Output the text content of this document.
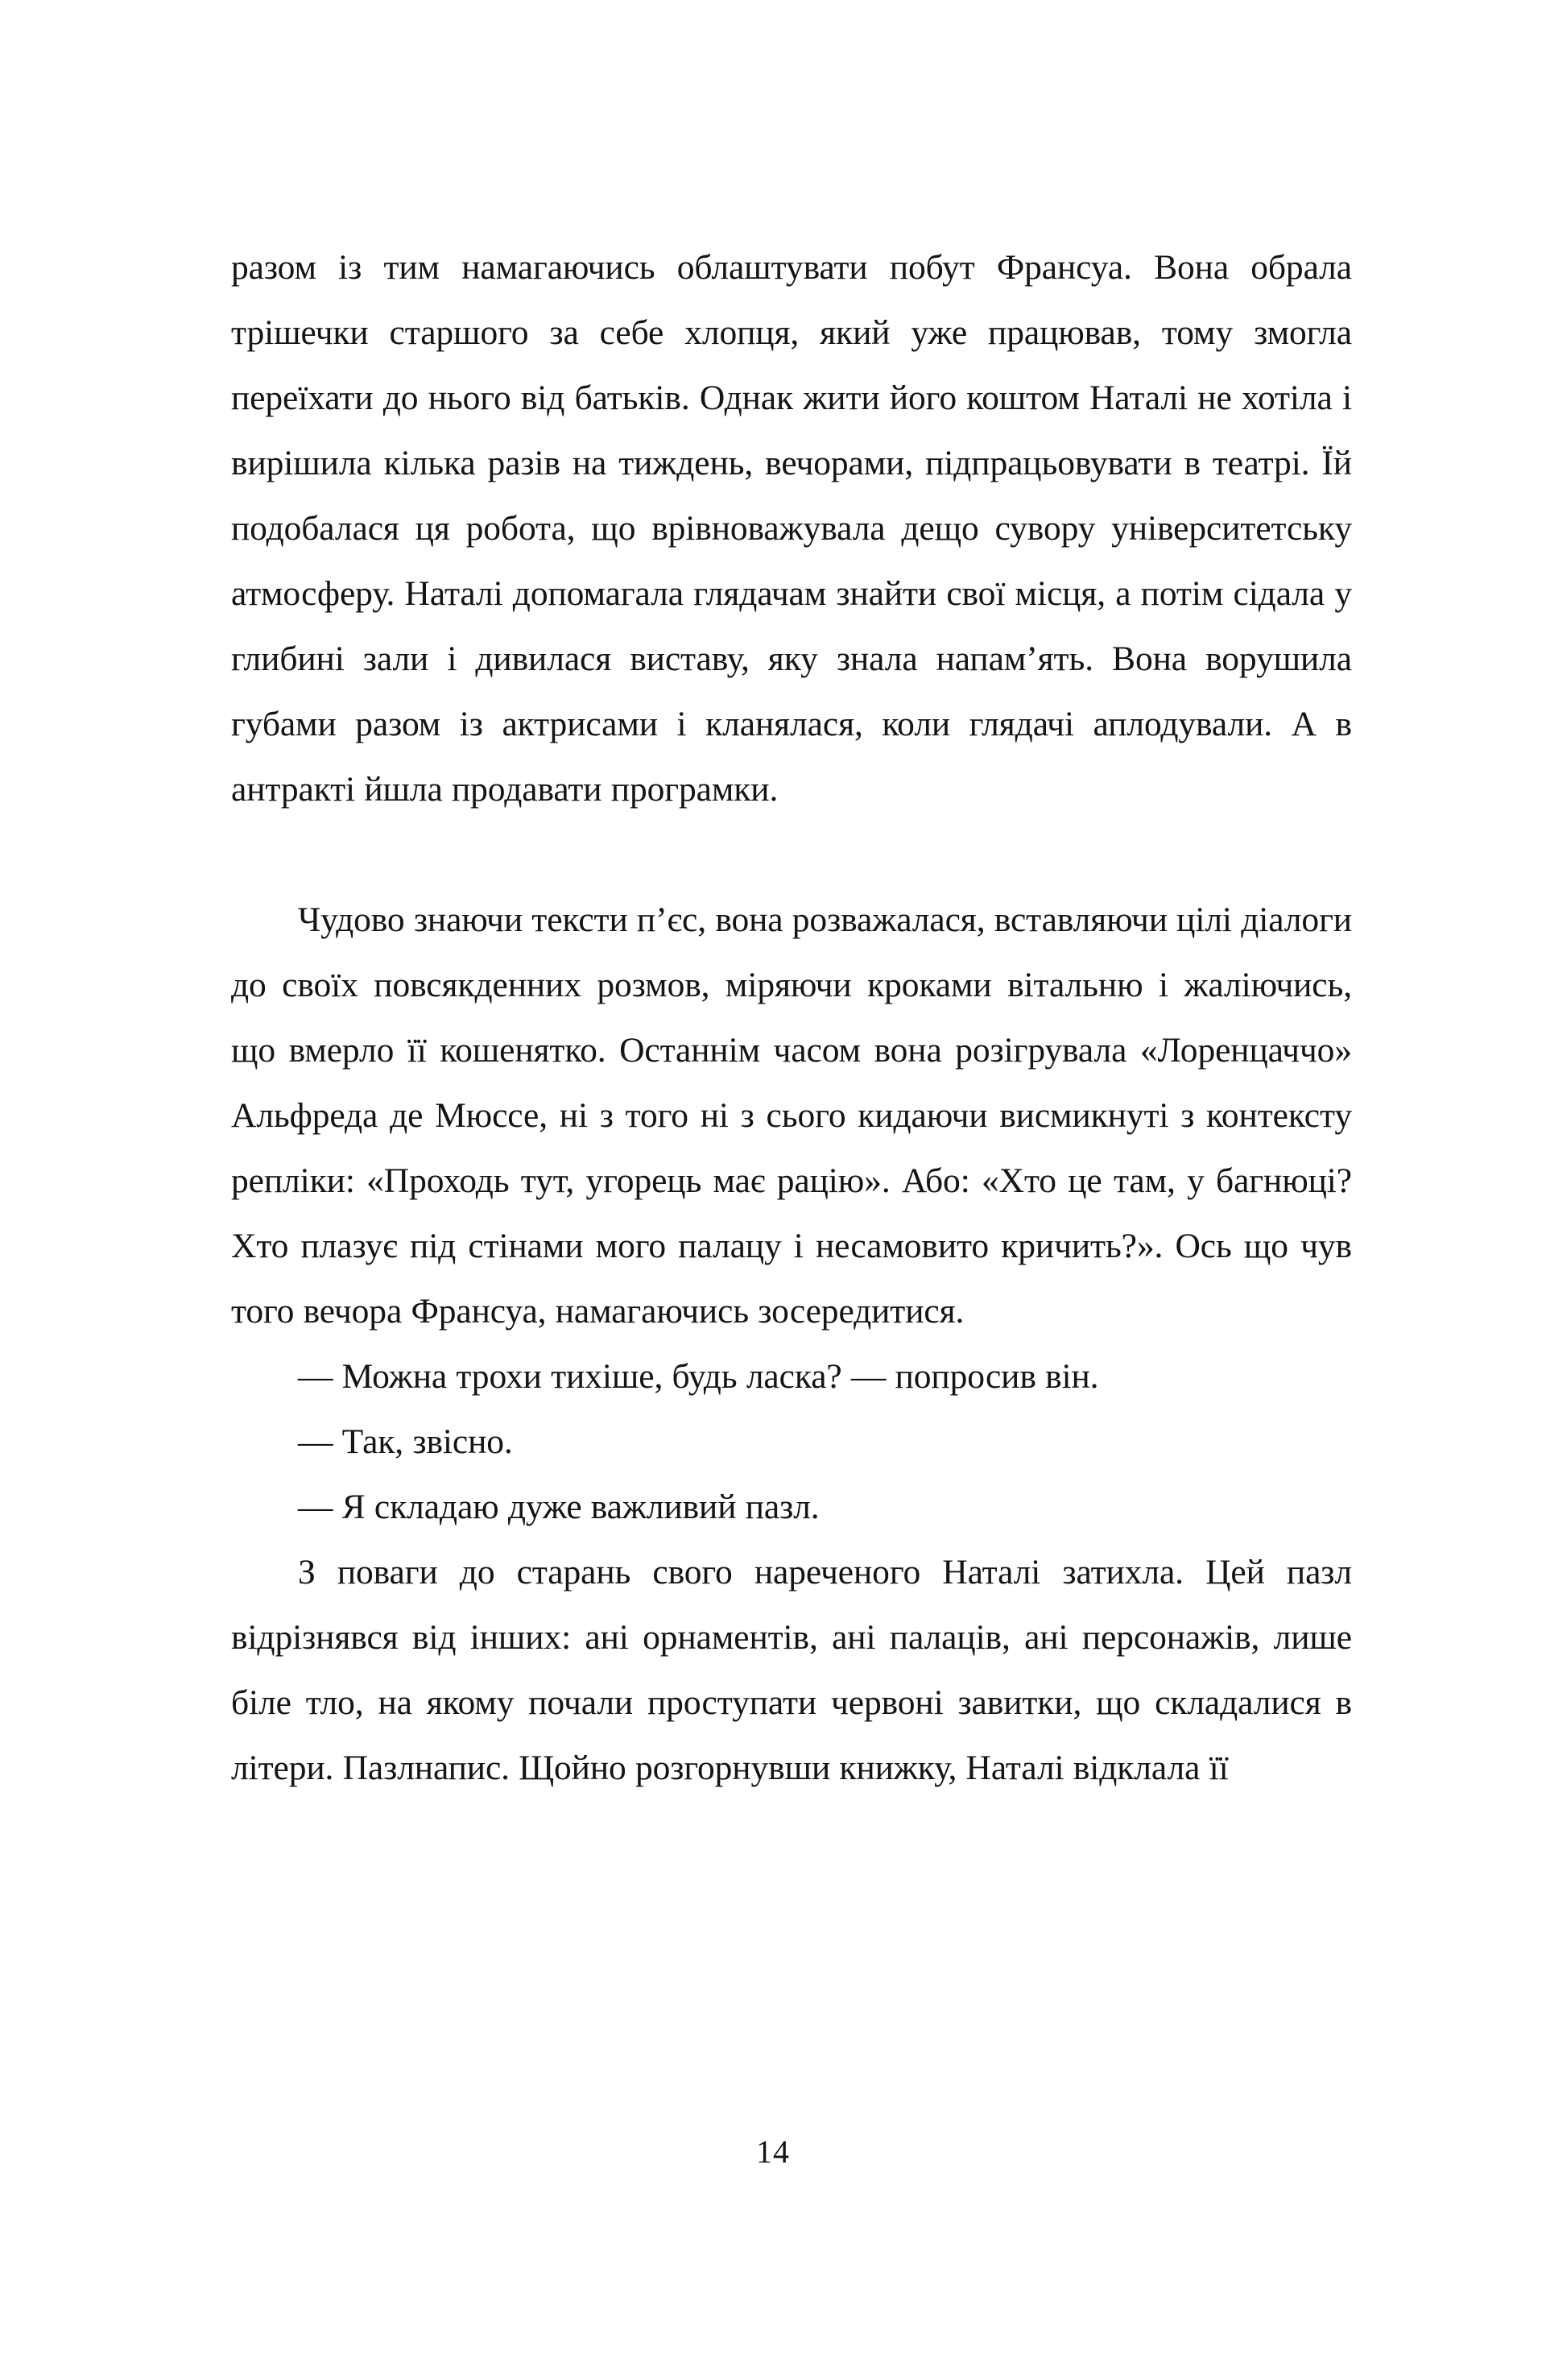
разом із тим намагаючись облаштувати побут Франсуа. Вона обрала трішечки старшого за себе хлопця, який уже працював, тому змогла переїхати до нього від батьків. Однак жити його коштом Наталі не хотіла і вирішила кілька разів на тиждень, вечорами, підпрацьовувати в театрі. Їй подобалася ця робота, що врівноважувала дещо сувору університетську атмосферу. Наталі допомагала глядачам знайти свої місця, а потім сідала у глибині зали і дивилася виставу, яку знала напам’ять. Вона ворушила губами разом із актрисами і кланялася, коли глядачі аплодували. А в антракті йшла продавати програмки.

Чудово знаючи тексти п’єс, вона розважалася, вставляючи цілі діалоги до своїх повсякденних розмов, міряючи кроками вітальню і жаліючись, що вмерло її кошенятко. Останнім часом вона розігрувала «Лоренцаччо» Альфреда де Мюссе, ні з того ні з сього кидаючи висмикнуті з контексту репліки: «Проходь тут, угорець має рацію». Або: «Хто це там, у багнюці? Хто плазує під стінами мого палацу і несамовито кричить?». Ось що чув того вечора Франсуа, намагаючись зосередитися.

— Можна трохи тихіше, будь ласка? — попросив він.

— Так, звісно.

— Я складаю дуже важливий пазл.

З поваги до старань свого нареченого Наталі затихла. Цей пазл відрізнявся від інших: ані орнаментів, ані палаців, ані персонажів, лише біле тло, на якому почали проступати червоні завитки, що складалися в літери. Пазлнапис. Щойно розгорнувши книжку, Наталі відклала її

14
